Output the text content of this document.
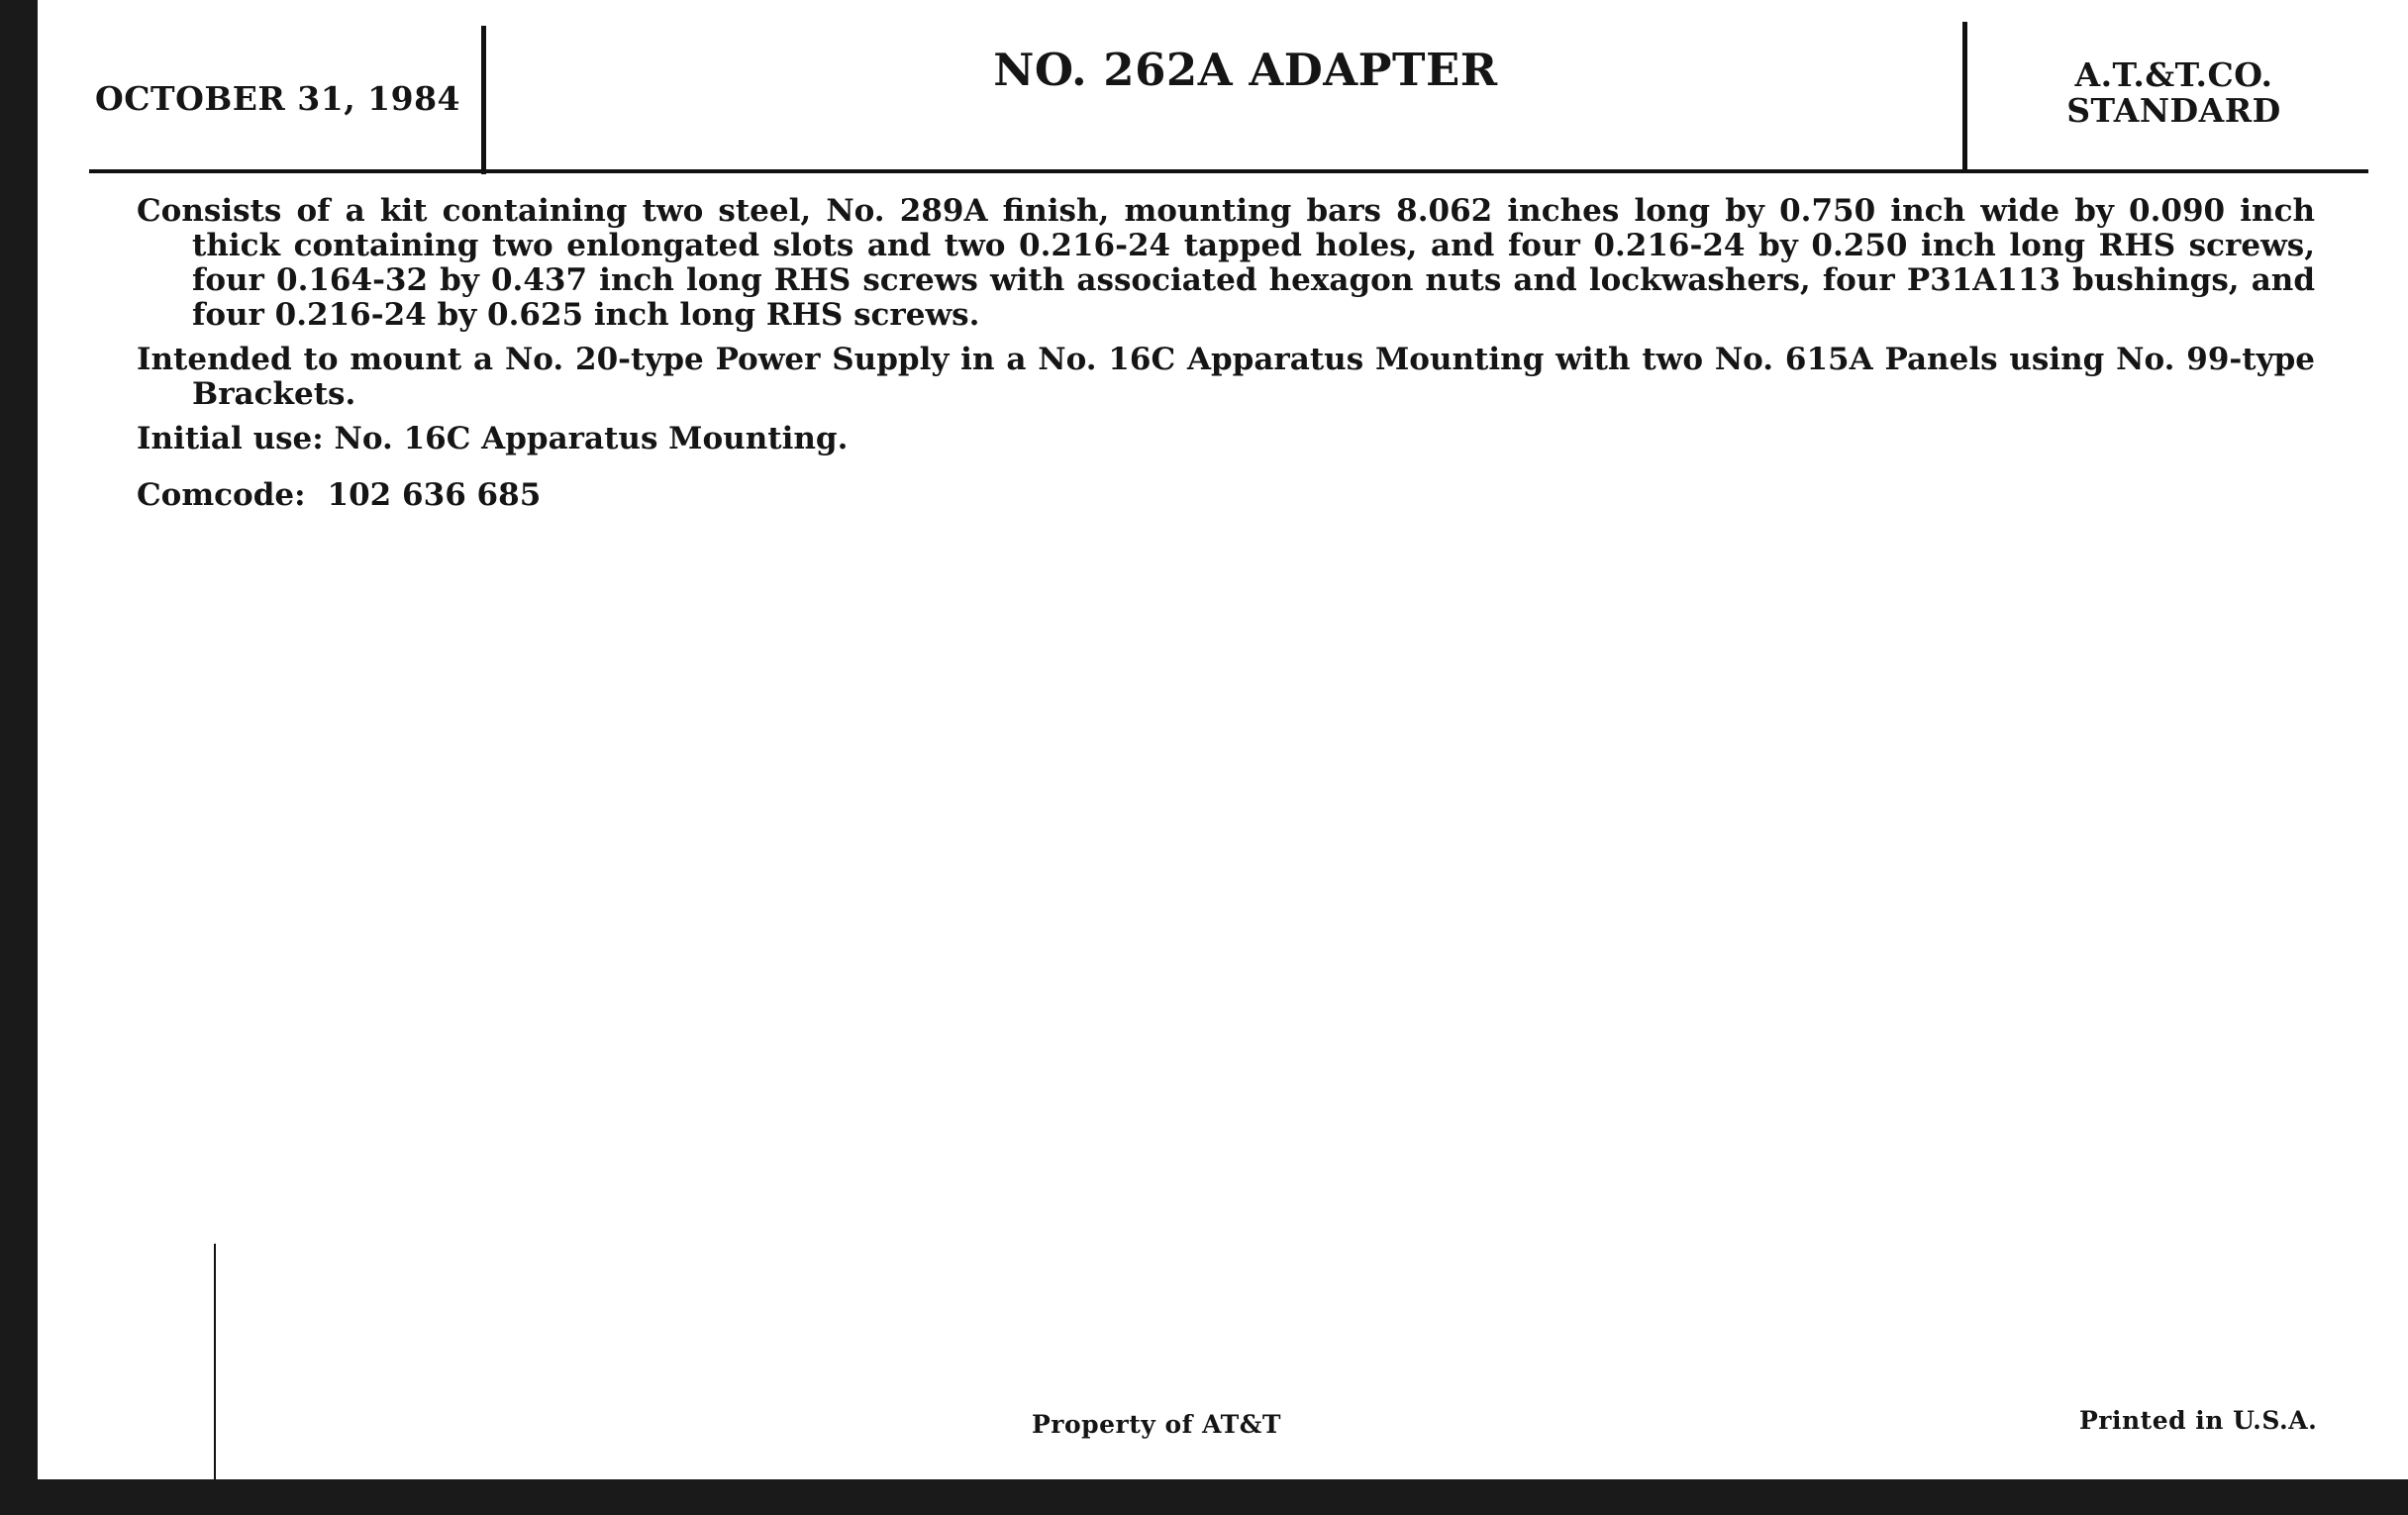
OCTOBER 31, 1984
NO. 262A ADAPTER	A.T.&T.CO.
STANDARD

Consists of a kit containing two steel, No. 289A finish, mounting bars 8.062 inches long by 0.750 inch wide by 0.090 inch thick containing two enlongated slots and two 0.216-24 tapped holes, and four 0.216-24 by 0.250 inch long RHS screws, four 0.164-32 by 0.437 inch long RHS screws with associated hexagon nuts and lockwashers, four P31A113 bushings, and four 0.216-24 by 0.625 inch long RHS screws.

Intended to mount a No. 20-type Power Supply in a No. 16C Apparatus Mounting with two No. 615A Panels using No. 99-type Brackets.

Initial use: No. 16C Apparatus Mounting.

Comcode: 102 636 685
Property of AT&T	Printed in U.S.A.
